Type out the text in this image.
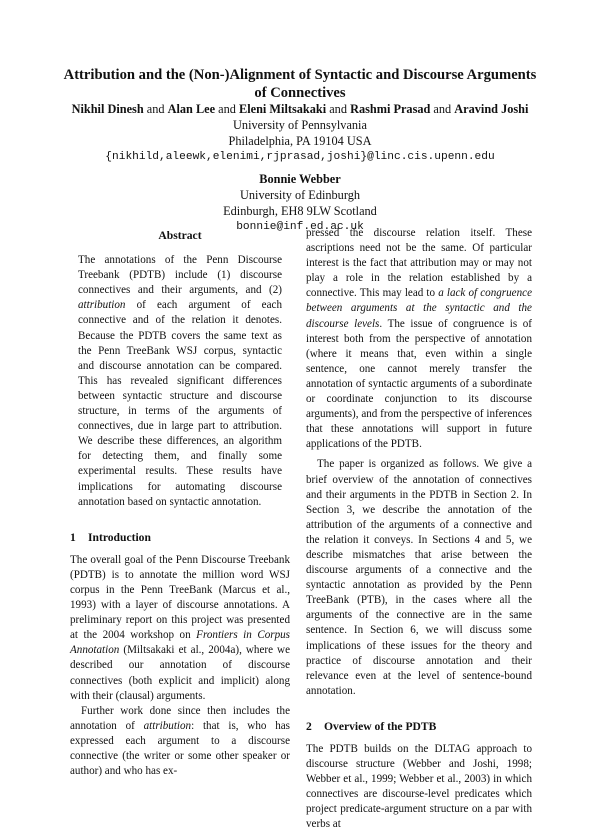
Attribution and the (Non-)Alignment of Syntactic and Discourse Arguments
of Connectives
Nikhil Dinesh and Alan Lee and Eleni Miltsakaki and Rashmi Prasad and Aravind Joshi
University of Pennsylvania
Philadelphia, PA 19104 USA
{nikhild,aleewk,elenimi,rjprasad,joshi}@linc.cis.upenn.edu
Bonnie Webber
University of Edinburgh
Edinburgh, EH8 9LW Scotland
bonnie@inf.ed.ac.uk
Abstract

The annotations of the Penn Discourse Treebank (PDTB) include (1) discourse connectives and their arguments, and (2) attribution of each argument of each connective and of the relation it denotes. Because the PDTB covers the same text as the Penn TreeBank WSJ corpus, syntactic and discourse annotation can be compared. This has revealed significant differences between syntactic structure and discourse structure, in terms of the arguments of connectives, due in large part to attribution. We describe these differences, an algorithm for detecting them, and finally some experimental results. These results have implications for automating discourse annotation based on syntactic annotation.

1 Introduction

The overall goal of the Penn Discourse Treebank (PDTB) is to annotate the million word WSJ corpus in the Penn TreeBank (Marcus et al., 1993) with a layer of discourse annotations. A preliminary report on this project was presented at the 2004 workshop on Frontiers in Corpus Annotation (Miltsakaki et al., 2004a), where we described our annotation of discourse connectives (both explicit and implicit) along with their (clausal) arguments.

Further work done since then includes the annotation of attribution: that is, who has expressed each argument to a discourse connective (the writer or some other speaker or author) and who has ex-

pressed the discourse relation itself. These ascriptions need not be the same. Of particular interest is the fact that attribution may or may not play a role in the relation established by a connective. This may lead to a lack of congruence between arguments at the syntactic and the discourse levels. The issue of congruence is of interest both from the perspective of annotation (where it means that, even within a single sentence, one cannot merely transfer the annotation of syntactic arguments of a subordinate or coordinate conjunction to its discourse arguments), and from the perspective of inferences that these annotations will support in future applications of the PDTB.

The paper is organized as follows. We give a brief overview of the annotation of connectives and their arguments in the PDTB in Section 2. In Section 3, we describe the annotation of the attribution of the arguments of a connective and the relation it conveys. In Sections 4 and 5, we describe mismatches that arise between the discourse arguments of a connective and the syntactic annotation as provided by the Penn TreeBank (PTB), in the cases where all the arguments of the connective are in the same sentence. In Section 6, we will discuss some implications of these issues for the theory and practice of discourse annotation and their relevance even at the level of sentence-bound annotation.

2 Overview of the PDTB

The PDTB builds on the DLTAG approach to discourse structure (Webber and Joshi, 1998; Webber et al., 1999; Webber et al., 2003) in which connectives are discourse-level predicates which project predicate-argument structure on a par with verbs at
